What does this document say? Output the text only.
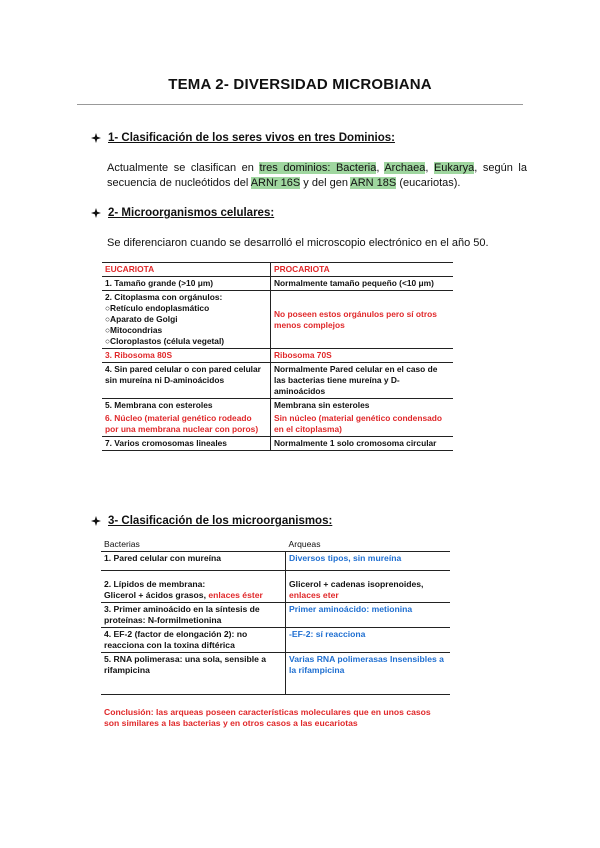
TEMA 2- DIVERSIDAD MICROBIANA
1- Clasificación de los seres vivos en tres Dominios:
Actualmente se clasifican en tres dominios: Bacteria, Archaea, Eukarya, según la secuencia de nucleótidos del ARNr 16S y del gen ARN 18S (eucariotas).
2- Microorganismos celulares:
Se diferenciaron cuando se desarrolló el microscopio electrónico en el año 50.
EUCARIOTA	PROCARIOTA
1. Tamaño grande (>10 μm)	Normalmente tamaño pequeño (<10 μm)

2. Citoplasma con orgánulos:
○Retículo endoplasmático
○Aparato de Golgi
○Mitocondrias
○Cloroplastos (célula vegetal)	No poseen estos orgánulos pero sí otros menos complejos
3. Ribosoma 80S	Ribosoma 70S
4. Sin pared celular o con pared celular sin mureína ni D-aminoácidos	Normalmente Pared celular en el caso de las bacterias tiene mureína y D-aminoácidos
5. Membrana con esteroles	Membrana sin esteroles
6. Núcleo (material genético rodeado por una membrana nuclear con poros)	Sin núcleo (material genético condensado en el citoplasma)
7. Varios cromosomas lineales	Normalmente 1 solo cromosoma circular
3- Clasificación de los microorganismos:
Bacterias	Arqueas
1. Pared celular con mureína	Diversos tipos, sin mureína

2. Lípidos de membrana:
Glicerol + ácidos grasos, enlaces éster	Glicerol + cadenas isoprenoides, enlaces eter
3. Primer aminoácido en la síntesis de proteínas: N-formilmetionina	Primer aminoácido: metionina
4. EF-2 (factor de elongación 2): no reacciona con la toxina diftérica	-EF-2: sí reacciona
5. RNA polimerasa: una sola, sensible a rifampicina	Varias RNA polimerasas Insensibles a la rifampicina
Conclusión: las arqueas poseen características moleculares que en unos casos son similares a las bacterias y en otros casos a las eucariotas	
